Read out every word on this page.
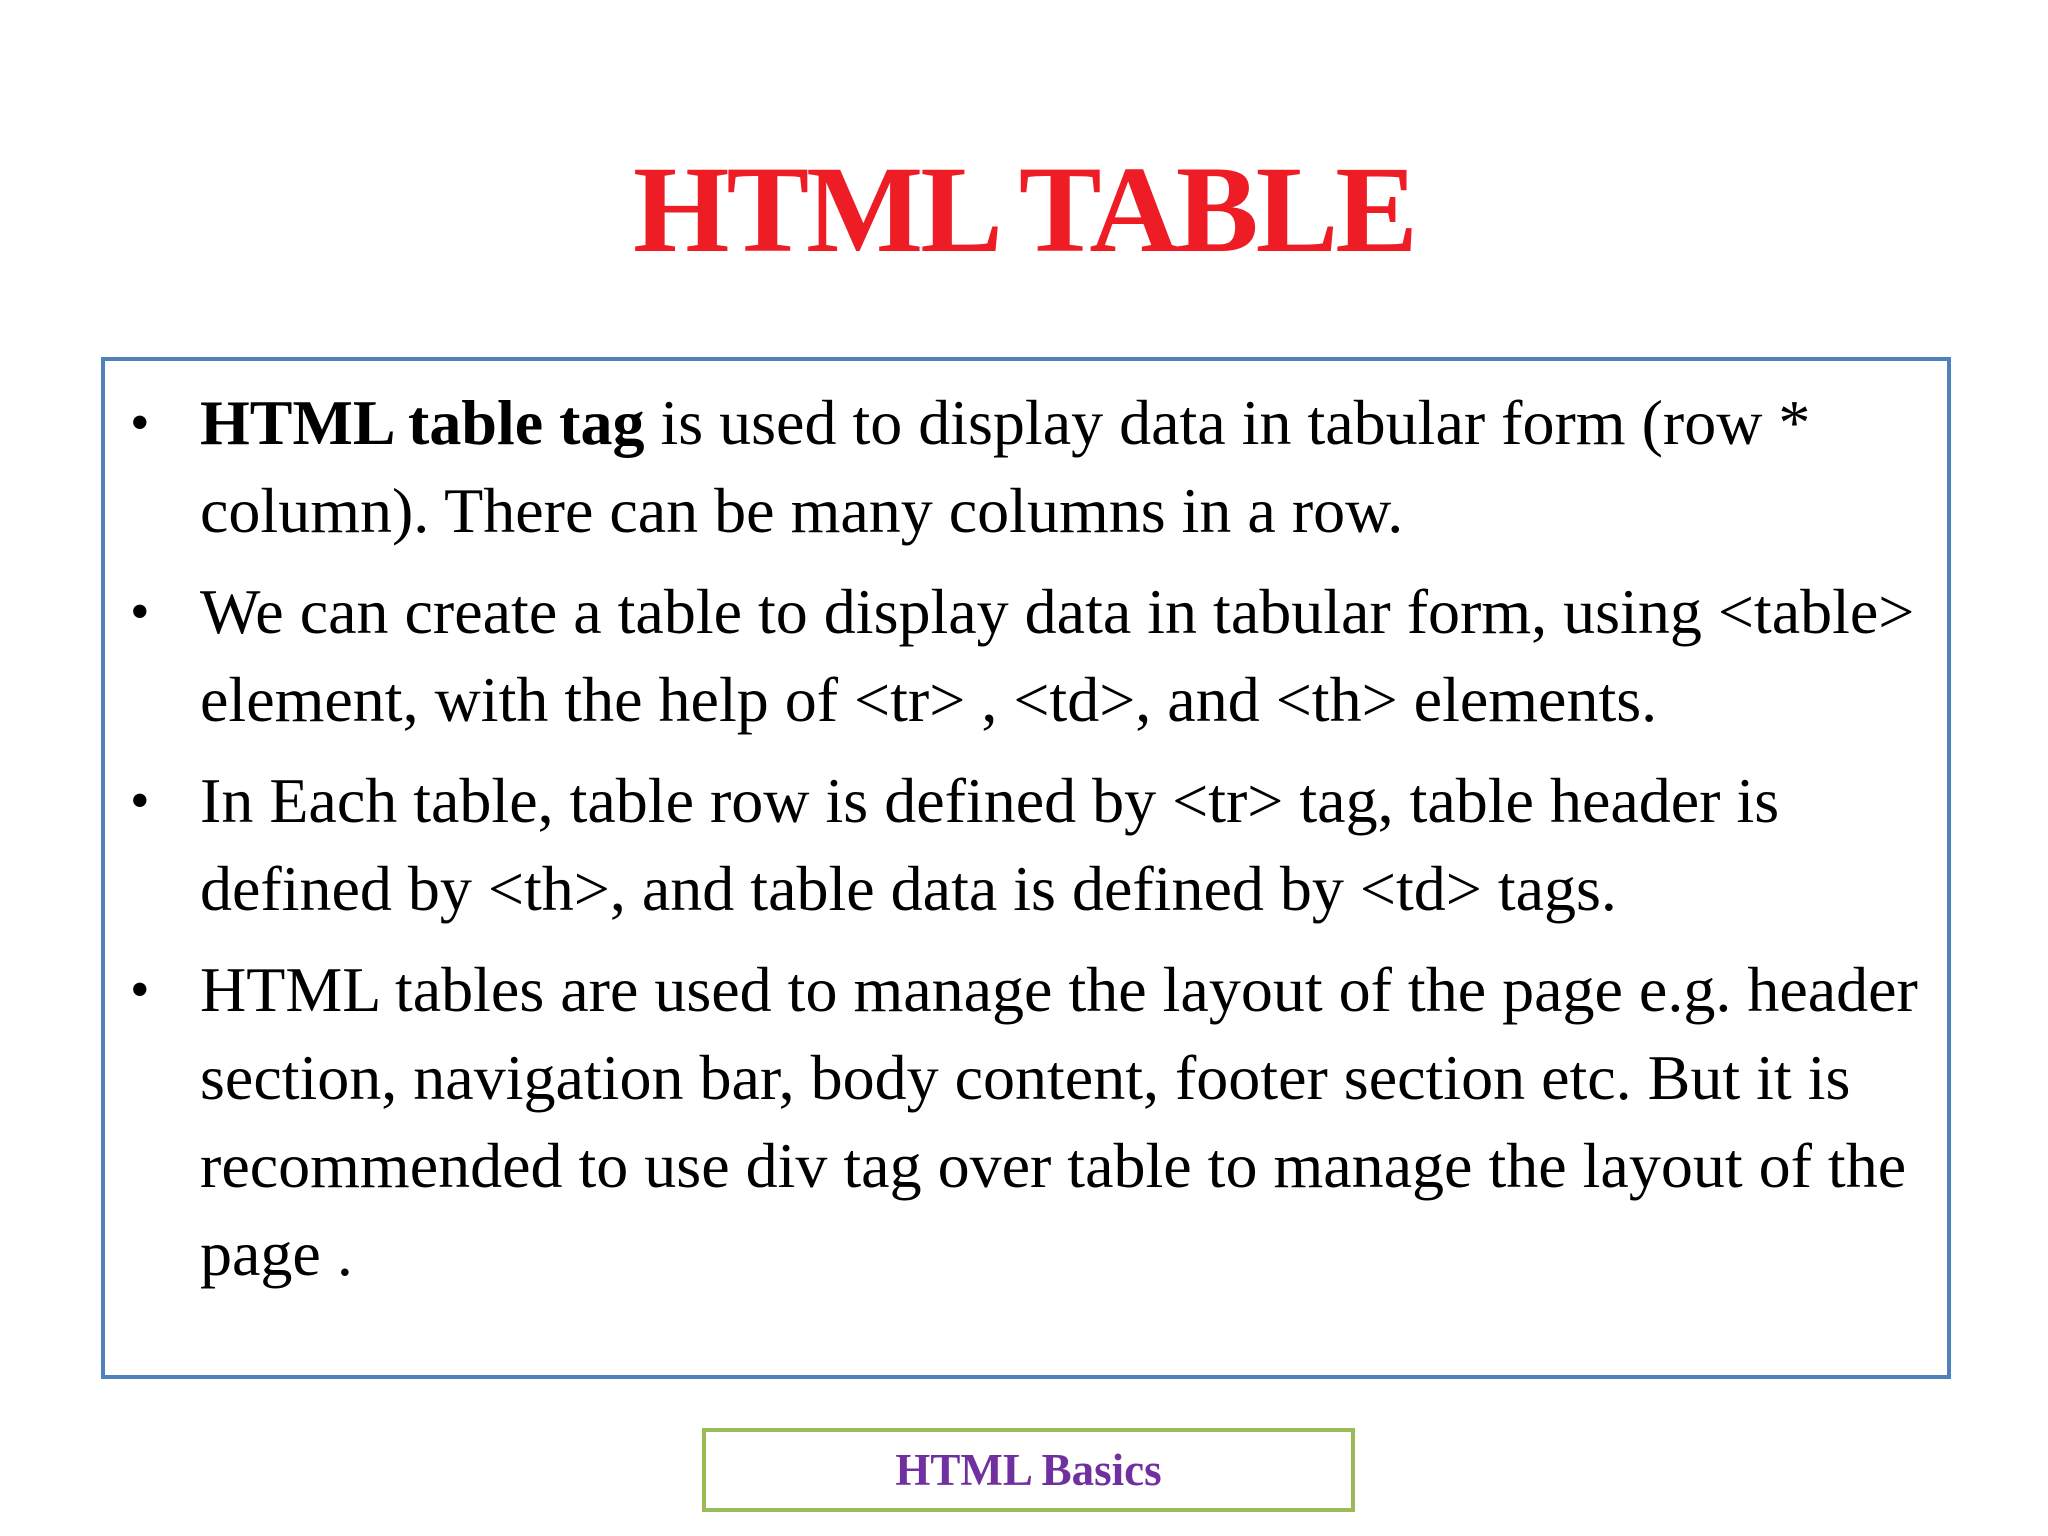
HTML TABLE
• HTML table tag is used to display data in tabular form (row * column). There can be many columns in a row.
• We can create a table to display data in tabular form, using <table> element, with the help of <tr> , <td>, and <th> elements.
• In Each table, table row is defined by <tr> tag, table header is defined by <th>, and table data is defined by <td> tags.
• HTML tables are used to manage the layout of the page e.g. header section, navigation bar, body content, footer section etc. But it is recommended to use div tag over table to manage the layout of the page .
HTML Basics
